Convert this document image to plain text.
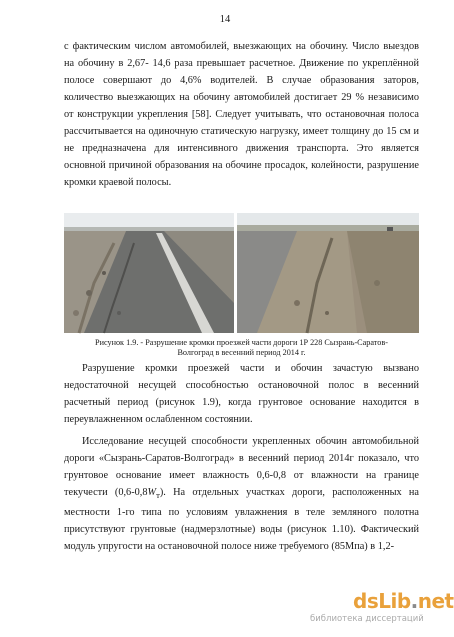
14

с фактическим числом автомобилей, выезжающих на обочину. Число выездов на обочину в 2,67- 14,6 раза превышает расчетное. Движение по укреплённой полосе совершают до 4,6% водителей. В случае образования заторов, количество выезжающих на обочину автомобилей достигает 29 % независимо от конструкции укрепления [58]. Следует учитывать, что остановочная полоса рассчитывается на одиночную статическую нагрузку, имеет толщину до 15 см и не предназначена для интенсивного движения транспорта. Это является основной причиной образования на обочине просадок, колейности, разрушение кромки краевой полосы.

Рисунок 1.9. - Разрушение кромки проезжей части дороги 1Р 228 Сызрань-Саратов-
Волгоград в весенний период 2014 г.

Разрушение кромки проезжей части и обочин зачастую вызвано недостаточной несущей способностью остановочной полос в весенний расчетный период (рисунок 1.9), когда грунтовое основание находится в переувлажненном ослабленном состоянии.

Исследование несущей способности укрепленных обочин автомобильной дороги «Сызрань-Саратов-Волгоград» в весенний период 2014г показало, что грунтовое основание имеет влажность 0,6-0,8 от влажности на границе текучести $(0,6-0,8W_т)$. На отдельных участках дороги, расположенных на местности 1-го типа по условиям увлажнения в теле земляного полотна присутствуют грунтовые (надмерзлотные) воды (рисунок 1.10). Фактический модуль упругости на остановочной полосе ниже требуемого (85Мпа) в 1,2-

dsLib.net
библиотека диссертаций
